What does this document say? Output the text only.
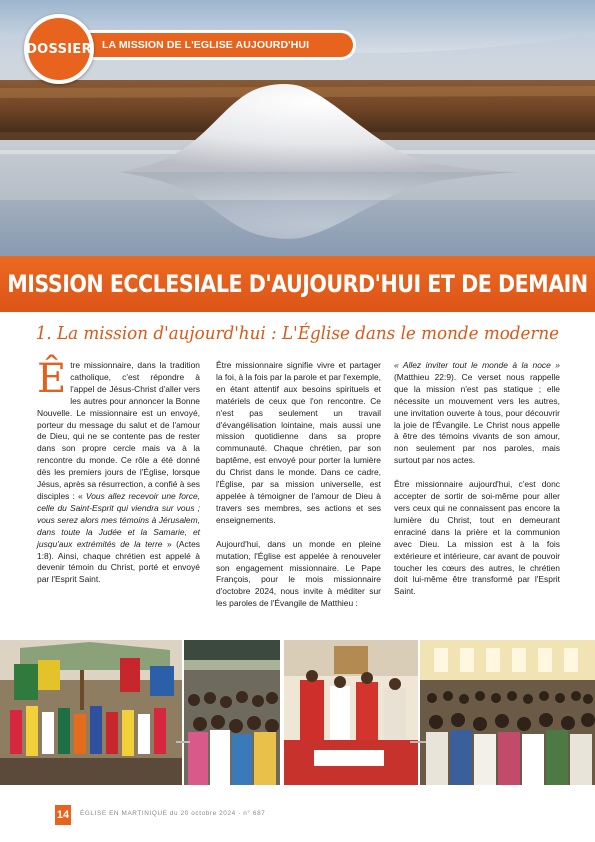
DOSSIER LA MISSION DE L'EGLISE AUJOURD'HUI
MISSION ECCLESIALE D'AUJOURD'HUI ET DE DEMAIN
1. La mission d'aujourd'hui : L'Église dans le monde moderne

Être missionnaire, dans la tradition catholique, c'est répondre à l'appel de Jésus-Christ d'aller vers les autres pour annoncer la Bonne Nouvelle. Le missionnaire est un envoyé, porteur du message du salut et de l'amour de Dieu, qui ne se contente pas de rester dans son propre cercle mais va à la rencontre du monde. Ce rôle a été donné dès les premiers jours de l'Église, lorsque Jésus, après sa résurrection, a confié à ses disciples : « Vous allez recevoir une force, celle du Saint-Esprit qui viendra sur vous ; vous serez alors mes témoins à Jérusalem, dans toute la Judée et la Samarie, et jusqu'aux extrémités de la terre » (Actes 1:8). Ainsi, chaque chrétien est appelé à devenir témoin du Christ, porté et envoyé par l'Esprit Saint.

Être missionnaire signifie vivre et partager la foi, à la fois par la parole et par l'exemple, en étant attentif aux besoins spirituels et matériels de ceux que l'on rencontre. Ce n'est pas seulement un travail d'évangélisation lointaine, mais aussi une mission quotidienne dans sa propre communauté. Chaque chrétien, par son baptême, est envoyé pour porter la lumière du Christ dans le monde. Dans ce cadre, l'Église, par sa mission universelle, est appelée à témoigner de l'amour de Dieu à travers ses membres, ses actions et ses enseignements.

Aujourd'hui, dans un monde en pleine mutation, l'Église est appelée à renouveler son engagement missionnaire. Le Pape François, pour le mois missionnaire d'octobre 2024, nous invite à méditer sur les paroles de l'Évangile de Matthieu :

« Allez inviter tout le monde à la noce » (Matthieu 22:9). Ce verset nous rappelle que la mission n'est pas statique ; elle nécessite un mouvement vers les autres, une invitation ouverte à tous, pour découvrir la joie de l'Évangile. Le Christ nous appelle à être des témoins vivants de son amour, non seulement par nos paroles, mais surtout par nos actes.

Être missionnaire aujourd'hui, c'est donc accepter de sortir de soi-même pour aller vers ceux qui ne connaissent pas encore la lumière du Christ, tout en demeurant enraciné dans la prière et la communion avec Dieu. La mission est à la fois extérieure et intérieure, car avant de pouvoir toucher les cœurs des autres, le chrétien doit lui-même être transformé par l'Esprit Saint.

14 ÉGLISE EN MARTINIQUE du 20 octobre 2024 · n° 687
